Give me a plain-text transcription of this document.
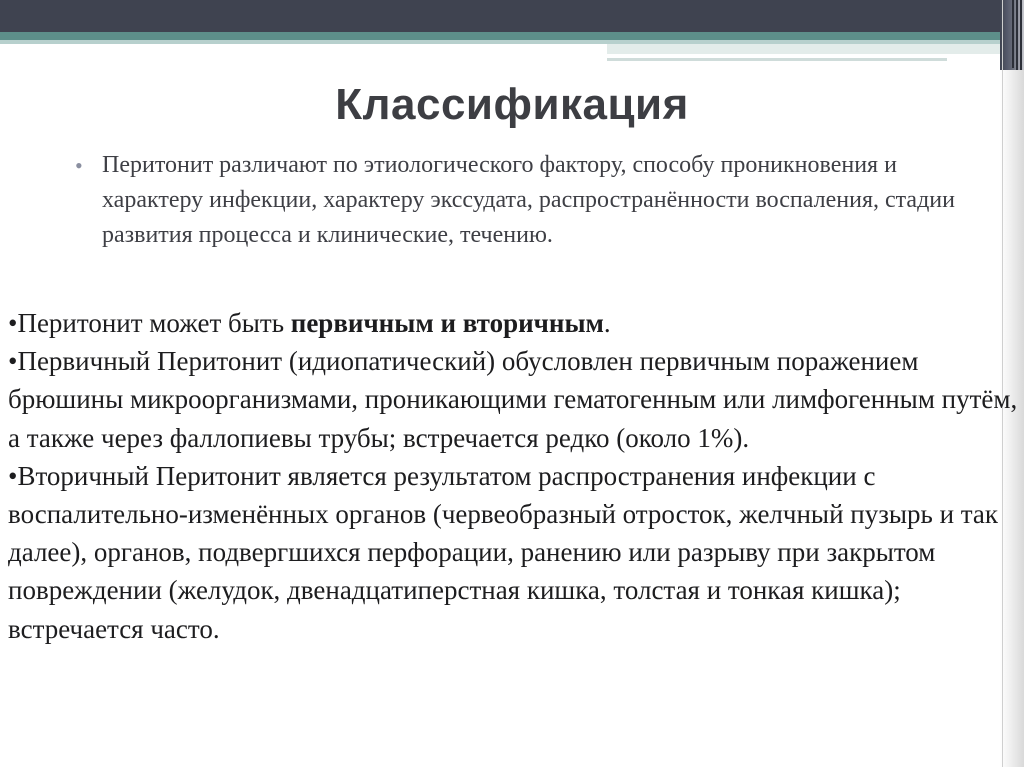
Классификация
• Перитонит различают по этиологического фактору, способу проникновения и характеру инфекции, характеру экссудата, распространённости воспаления, стадии развития процесса и клинические, течению.

•Перитонит может быть первичным и вторичным.

•Первичный Перитонит (идиопатический) обусловлен первичным поражением брюшины микроорганизмами, проникающими гематогенным или лимфогенным путём, а также через фаллопиевы трубы; встречается редко (около 1%).

•Вторичный Перитонит является результатом распространения инфекции с воспалительно-изменённых органов (червеобразный отросток, желчный пузырь и так далее), органов, подвергшихся перфорации, ранению или разрыву при закрытом повреждении (желудок, двенадцатиперстная кишка, толстая и тонкая кишка); встречается часто.
